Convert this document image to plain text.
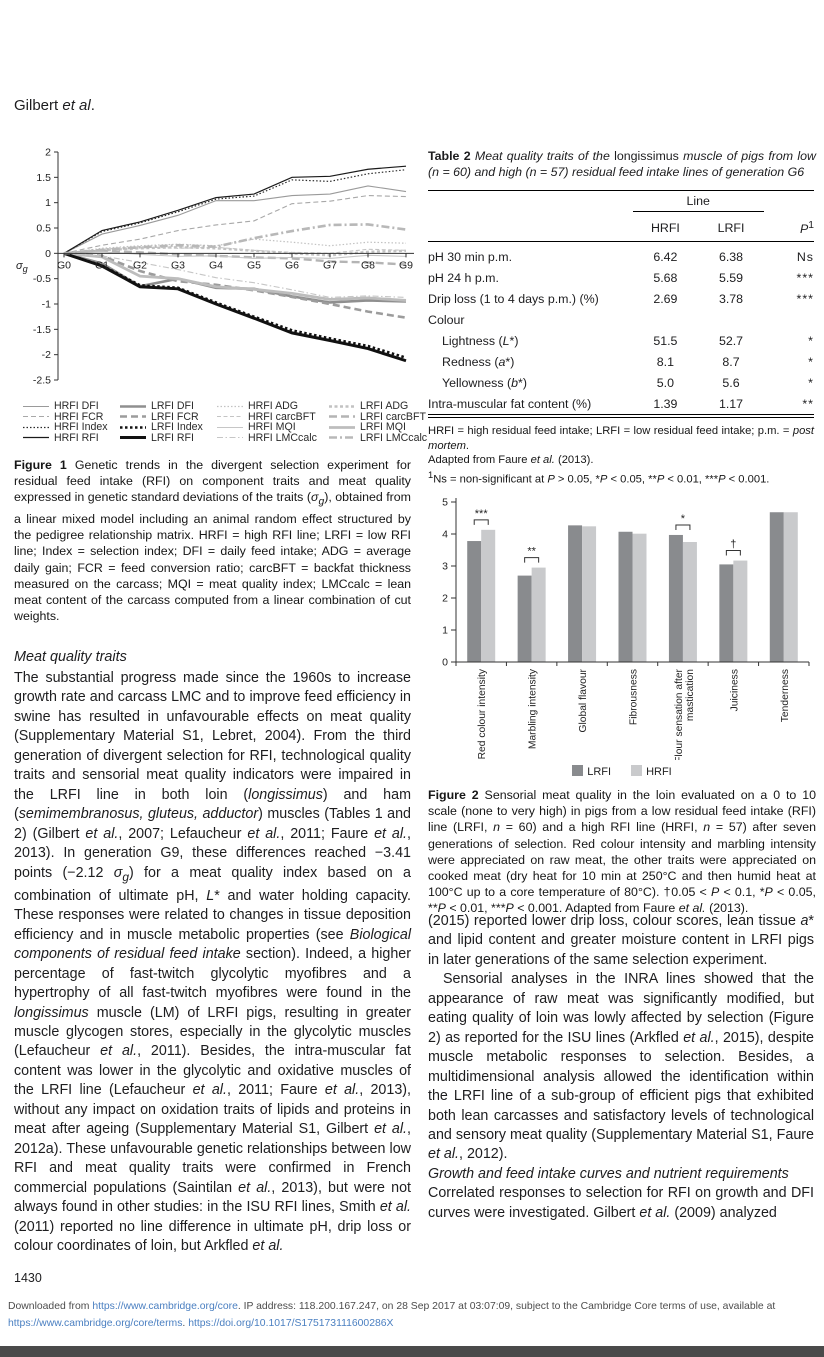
Gilbert et al.
2
1.5
1
0.5
0
-0.5
-1
-1.5
-2
-2.5
G0 G1 G2 G3 G4 G5 G6 G7 G8 G9
$\sigma_g$
HRFI DFI	LRFI DFI	HRFI ADG	LRFI ADG
HRFI FCR	LRFI FCR	HRFI carcBFT	LRFI carcBFT
HRFI Index	LRFI Index	HRFI MQI	LRFI MQI
HRFI RFI	LRFI RFI	HRFI LMCcalc	LRFI LMCcalc
Figure 1 Genetic trends in the divergent selection experiment for residual feed intake (RFI) on component traits and meat quality expressed in genetic standard deviations of the traits $(\sigma_g)$, obtained from a linear mixed model including an animal random effect structured by the pedigree relationship matrix. HRFI = high RFI line; LRFI = low RFI line; Index = selection index; DFI = daily feed intake; ADG = average daily gain; FCR = feed conversion ratio; carcBFT = backfat thickness measured on the carcass; MQI = meat quality index; LMCcalc = lean meat content of the carcass computed from a linear combination of cut weights.
Meat quality traits
The substantial progress made since the 1960s to increase growth rate and carcass LMC and to improve feed efficiency in swine has resulted in unfavourable effects on meat quality (Supplementary Material S1, Lebret, 2004). From the third generation of divergent selection for RFI, technological quality traits and sensorial meat quality indicators were impaired in the LRFI line in both loin (longissimus) and ham (semimembranosus, gluteus, adductor) muscles (Tables 1 and 2) (Gilbert et al., 2007; Lefaucheur et al., 2011; Faure et al., 2013). In generation G9, these differences reached −3.41 points (−2.12 $\sigma_g$) for a meat quality index based on a combination of ultimate pH, L* and water holding capacity. These responses were related to changes in tissue deposition efficiency and in muscle metabolic properties (see Biological components of residual feed intake section). Indeed, a higher percentage of fast-twitch glycolytic myofibres and a hypertrophy of all fast-twitch myofibres were found in the longissimus muscle (LM) of LRFI pigs, resulting in greater muscle glycogen stores, especially in the glycolytic muscles (Lefaucheur et al., 2011). Besides, the intra-muscular fat content was lower in the glycolytic and oxidative muscles of the LRFI line (Lefaucheur et al., 2011; Faure et al., 2013), without any impact on oxidation traits of lipids and proteins in meat after ageing (Supplementary Material S1, Gilbert et al., 2012a). These unfavourable genetic relationships between low RFI and meat quality traits were confirmed in French commercial populations (Saintilan et al., 2013), but were not always found in other studies: in the ISU RFI lines, Smith et al. (2011) reported no line difference in ultimate pH, drip loss or colour coordinates of loin, but Arkfled et al.
1430
Table 2 Meat quality traits of the longissimus muscle of pigs from low (n = 60) and high (n = 57) residual feed intake lines of generation G6
	Line		
	HRFI	LRFI	$P^1$
pH 30 min p.m.	6.42	6.38	Ns
pH 24 h p.m.	5.68	5.59	***
Drip loss (1 to 4 days p.m.) (%)	2.69	3.78	***
Colour			
Lightness (L*)	51.5	52.7	*
Redness (a*)	8.1	8.7	*
Yellowness (b*)	5.0	5.6	*
Intra-muscular fat content (%)	1.39	1.17	**
HRFI = high residual feed intake; LRFI = low residual feed intake; p.m. = post mortem.
Adapted from Faure et al. (2013).
$^1$Ns = non-significant at P > 0.05, *P < 0.05, **P < 0.01, ***P < 0.001.
***
Red colour intensity
**
Marbling intensity	Global flavour	Fibrousness
*
Flour sensation after mastication
†
Juiciness	Tenderness
0
1
2
3
4
5
LRFI	HRFI
Figure 2 Sensorial meat quality in the loin evaluated on a 0 to 10 scale (none to very high) in pigs from a low residual feed intake (RFI) line (LRFI, n = 60) and a high RFI line (HRFI, n = 57) after seven generations of selection. Red colour intensity and marbling intensity were appreciated on raw meat, the other traits were appreciated on cooked meat (dry heat for 10 min at 250°C and then humid heat at 100°C up to a core temperature of 80°C). †0.05 < P < 0.1, *P < 0.05, **P < 0.01, ***P < 0.001. Adapted from Faure et al. (2013).

(2015) reported lower drip loss, colour scores, lean tissue a* and lipid content and greater moisture content in LRFI pigs in later generations of the same selection experiment.

Sensorial analyses in the INRA lines showed that the appearance of raw meat was significantly modified, but eating quality of loin was lowly affected by selection (Figure 2) as reported for the ISU lines (Arkfled et al., 2015), despite muscle metabolic responses to selection. Besides, a multidimensional analysis allowed the identification within the LRFI line of a sub-group of efficient pigs that exhibited both lean carcasses and satisfactory levels of technological and sensory meat quality (Supplementary Material S1, Faure et al., 2012).

Growth and feed intake curves and nutrient requirements

Correlated responses to selection for RFI on growth and DFI curves were investigated. Gilbert et al. (2009) analyzed

Downloaded from https://www.cambridge.org/core. IP address: 118.200.167.247, on 28 Sep 2017 at 03:07:09, subject to the Cambridge Core terms of use, available at
https://www.cambridge.org/core/terms. https://doi.org/10.1017/S175173111600286X
